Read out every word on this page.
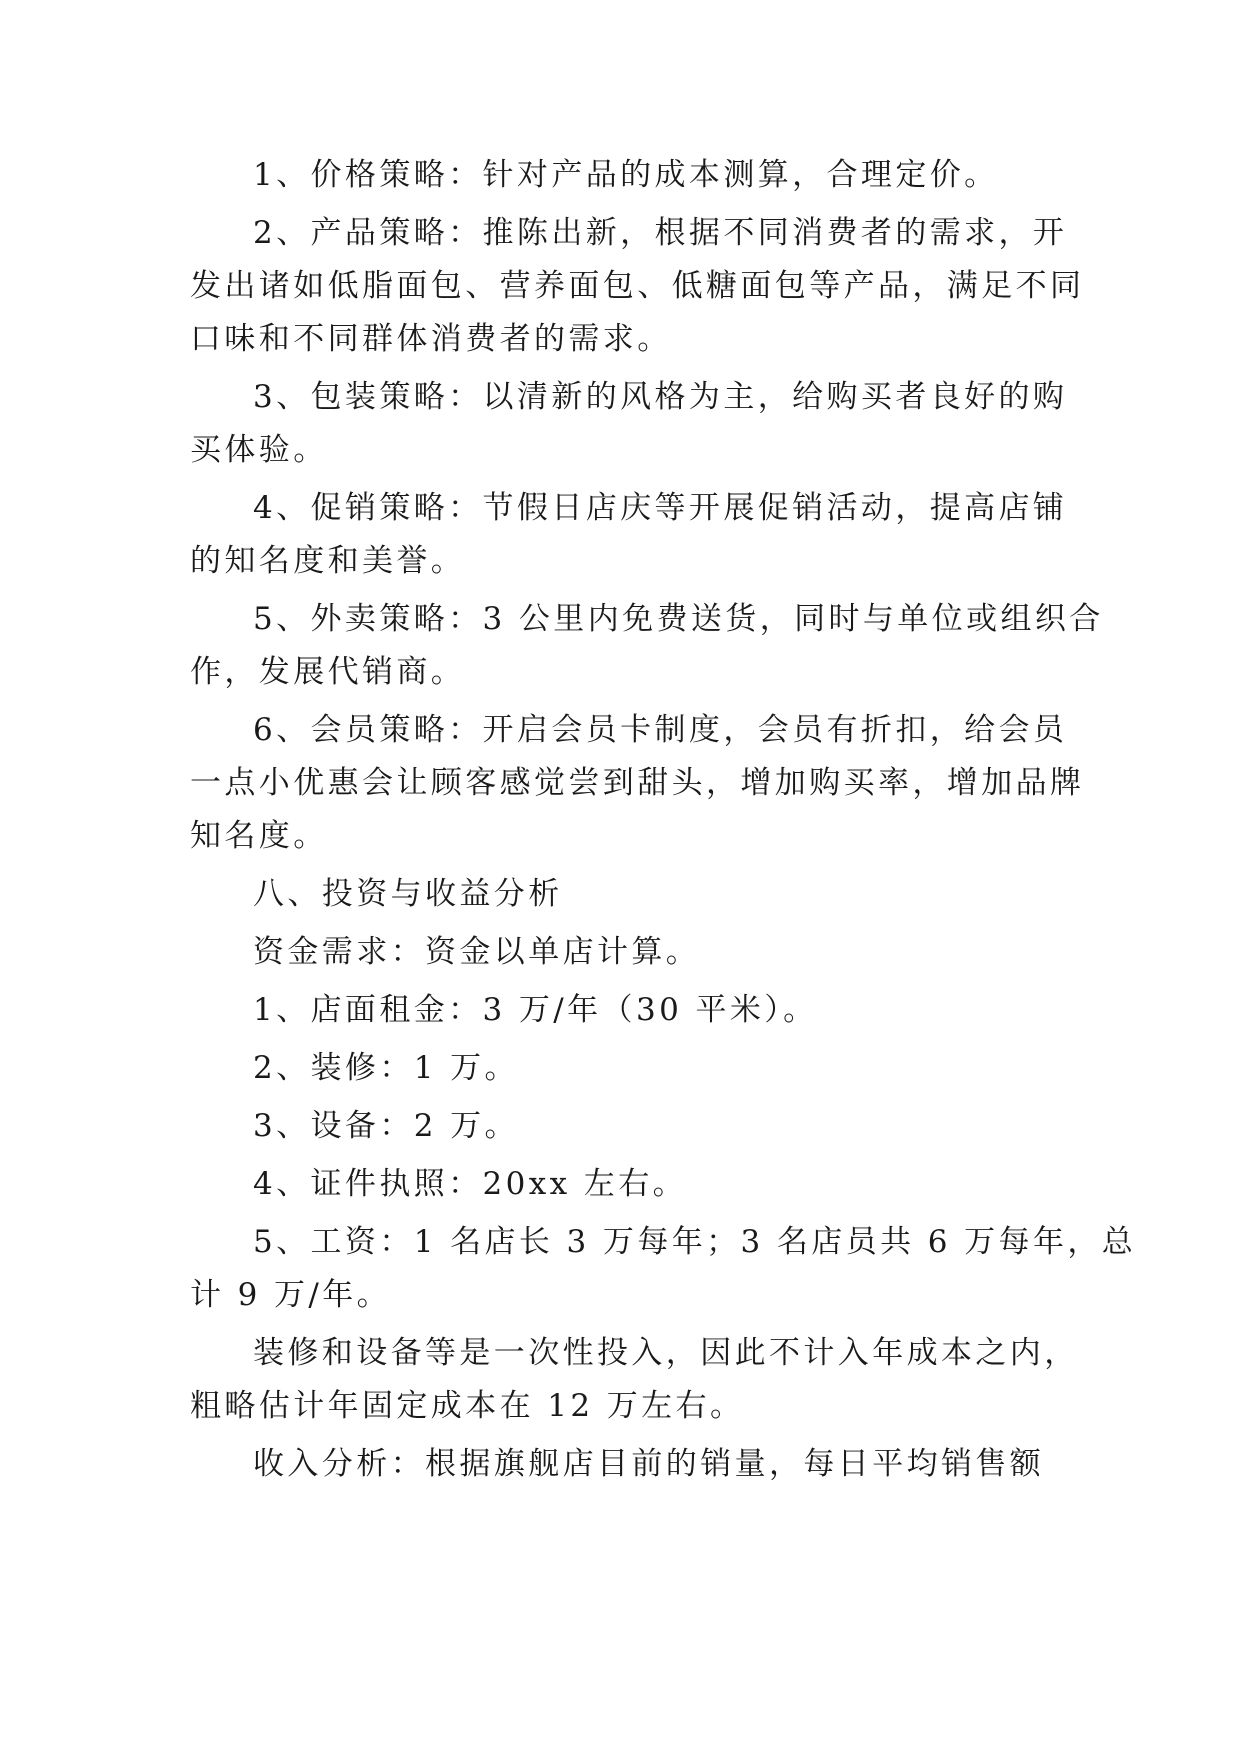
1、价格策略：针对产品的成本测算，合理定价。
2、产品策略：推陈出新，根据不同消费者的需求，开
发出诸如低脂面包、营养面包、低糖面包等产品，满足不同
口味和不同群体消费者的需求。
3、包装策略：以清新的风格为主，给购买者良好的购
买体验。
4、促销策略：节假日店庆等开展促销活动，提高店铺
的知名度和美誉。
5、外卖策略：3 公里内免费送货，同时与单位或组织合
作，发展代销商。
6、会员策略：开启会员卡制度，会员有折扣，给会员
一点小优惠会让顾客感觉尝到甜头，增加购买率，增加品牌
知名度。
八、投资与收益分析
资金需求：资金以单店计算。
1、店面租金：3 万/年（30 平米）。
2、装修：1 万。
3、设备：2 万。
4、证件执照：20xx 左右。
5、工资：1 名店长 3 万每年；3 名店员共 6 万每年，总
计 9 万/年。
装修和设备等是一次性投入，因此不计入年成本之内，
粗略估计年固定成本在 12 万左右。
收入分析：根据旗舰店目前的销量，每日平均销售额
